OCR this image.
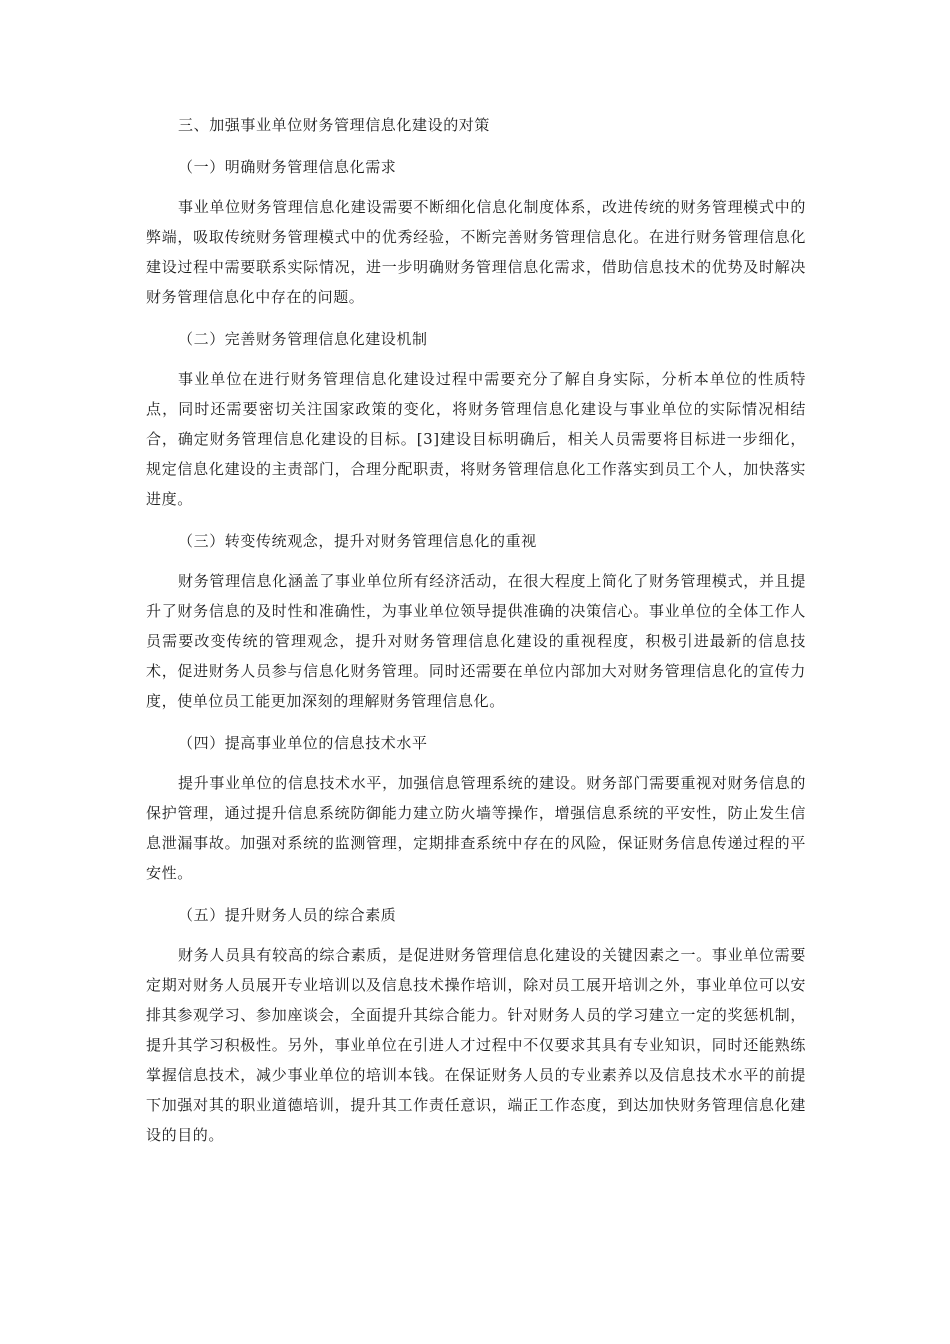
三、加强事业单位财务管理信息化建设的对策

（一）明确财务管理信息化需求

事业单位财务管理信息化建设需要不断细化信息化制度体系，改进传统的财务管理模式中的弊端，吸取传统财务管理模式中的优秀经验，不断完善财务管理信息化。在进行财务管理信息化建设过程中需要联系实际情况，进一步明确财务管理信息化需求，借助信息技术的优势及时解决财务管理信息化中存在的问题。

（二）完善财务管理信息化建设机制

事业单位在进行财务管理信息化建设过程中需要充分了解自身实际，分析本单位的性质特点，同时还需要密切关注国家政策的变化，将财务管理信息化建设与事业单位的实际情况相结合，确定财务管理信息化建设的目标。[3]建设目标明确后，相关人员需要将目标进一步细化，规定信息化建设的主责部门，合理分配职责，将财务管理信息化工作落实到员工个人，加快落实进度。

（三）转变传统观念，提升对财务管理信息化的重视

财务管理信息化涵盖了事业单位所有经济活动，在很大程度上简化了财务管理模式，并且提升了财务信息的及时性和准确性，为事业单位领导提供准确的决策信心。事业单位的全体工作人员需要改变传统的管理观念，提升对财务管理信息化建设的重视程度，积极引进最新的信息技术，促进财务人员参与信息化财务管理。同时还需要在单位内部加大对财务管理信息化的宣传力度，使单位员工能更加深刻的理解财务管理信息化。

（四）提高事业单位的信息技术水平

提升事业单位的信息技术水平，加强信息管理系统的建设。财务部门需要重视对财务信息的保护管理，通过提升信息系统防御能力建立防火墙等操作，增强信息系统的平安性，防止发生信息泄漏事故。加强对系统的监测管理，定期排查系统中存在的风险，保证财务信息传递过程的平安性。

（五）提升财务人员的综合素质

财务人员具有较高的综合素质，是促进财务管理信息化建设的关键因素之一。事业单位需要定期对财务人员展开专业培训以及信息技术操作培训，除对员工展开培训之外，事业单位可以安排其参观学习、参加座谈会，全面提升其综合能力。针对财务人员的学习建立一定的奖惩机制，提升其学习积极性。另外，事业单位在引进人才过程中不仅要求其具有专业知识，同时还能熟练掌握信息技术，减少事业单位的培训本钱。在保证财务人员的专业素养以及信息技术水平的前提下加强对其的职业道德培训，提升其工作责任意识，端正工作态度，到达加快财务管理信息化建设的目的。
